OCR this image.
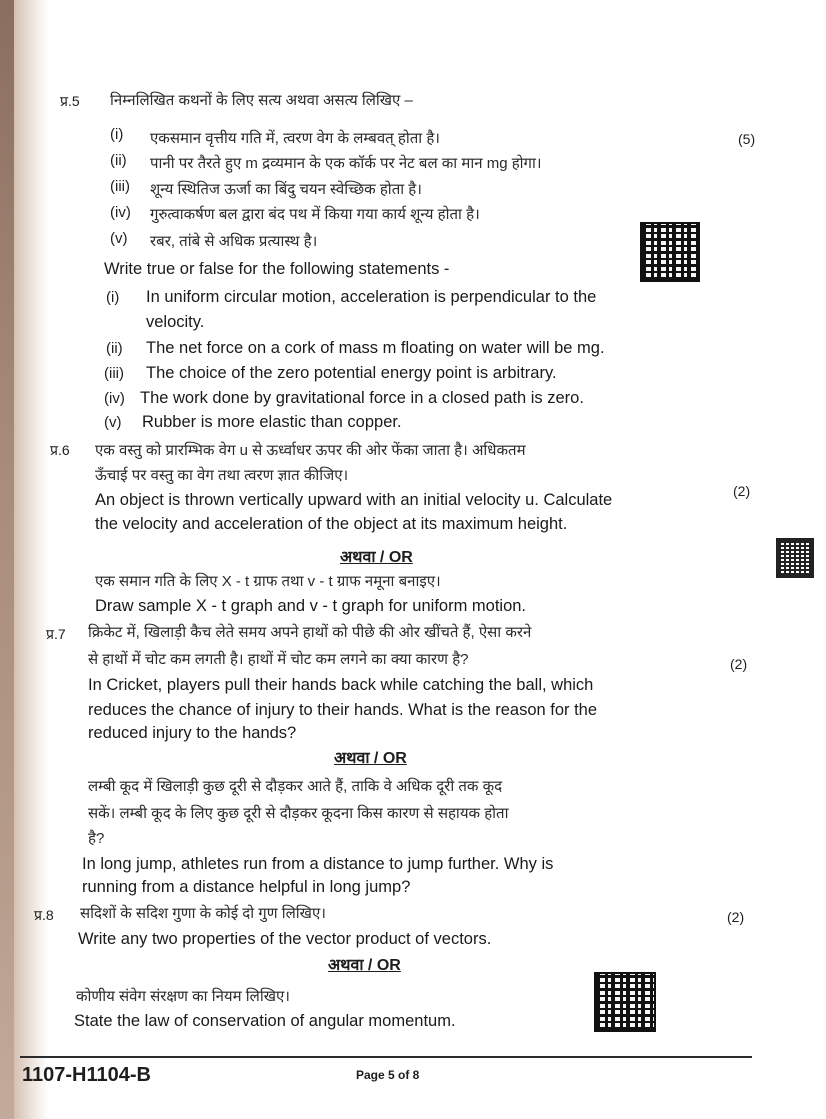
प्र.5 निम्नलिखित कथनों के लिए सत्य अथवा असत्य लिखिए –
(5)
(i) एकसमान वृत्तीय गति में, त्वरण वेग के लम्बवत् होता है।
(ii) पानी पर तैरते हुए m द्रव्यमान के एक कॉर्क पर नेट बल का मान mg होगा।
(iii) शून्य स्थितिज ऊर्जा का बिंदु चयन स्वेच्छिक होता है।
(iv) गुरुत्वाकर्षण बल द्वारा बंद पथ में किया गया कार्य शून्य होता है।
(v) रबर, तांबे से अधिक प्रत्यास्थ है।
Write true or false for the following statements -
(i) In uniform circular motion, acceleration is perpendicular to the
velocity.
(ii) The net force on a cork of mass m floating on water will be mg.
(iii) The choice of the zero potential energy point is arbitrary.
(iv) The work done by gravitational force in a closed path is zero.
(v) Rubber is more elastic than copper.
प्र.6 एक वस्तु को प्रारम्भिक वेग u से ऊर्ध्वाधर ऊपर की ओर फेंका जाता है। अधिकतम
ऊँचाई पर वस्तु का वेग तथा त्वरण ज्ञात कीजिए।
(2)
An object is thrown vertically upward with an initial velocity u. Calculate
the velocity and acceleration of the object at its maximum height.
अथवा / OR
एक समान गति के लिए X - t ग्राफ तथा v - t ग्राफ नमूना बनाइए।
Draw sample X - t graph and v - t graph for uniform motion.
प्र.7 क्रिकेट में, खिलाड़ी कैच लेते समय अपने हाथों को पीछे की ओर खींचते हैं, ऐसा करने
से हाथों में चोट कम लगती है। हाथों में चोट कम लगने का क्या कारण है?	(2)
In Cricket, players pull their hands back while catching the ball, which
reduces the chance of injury to their hands. What is the reason for the
reduced injury to the hands?
अथवा / OR
लम्बी कूद में खिलाड़ी कुछ दूरी से दौड़कर आते हैं, ताकि वे अधिक दूरी तक कूद
सकें। लम्बी कूद के लिए कुछ दूरी से दौड़कर कूदना किस कारण से सहायक होता
है?
In long jump, athletes run from a distance to jump further. Why is
running from a distance helpful in long jump?
प्र.8 सदिशों के सदिश गुणा के कोई दो गुण लिखिए।	(2)
Write any two properties of the vector product of vectors.
अथवा / OR
कोणीय संवेग संरक्षण का नियम लिखिए।
State the law of conservation of angular momentum.
1107-H1104-B	Page 5 of 8
